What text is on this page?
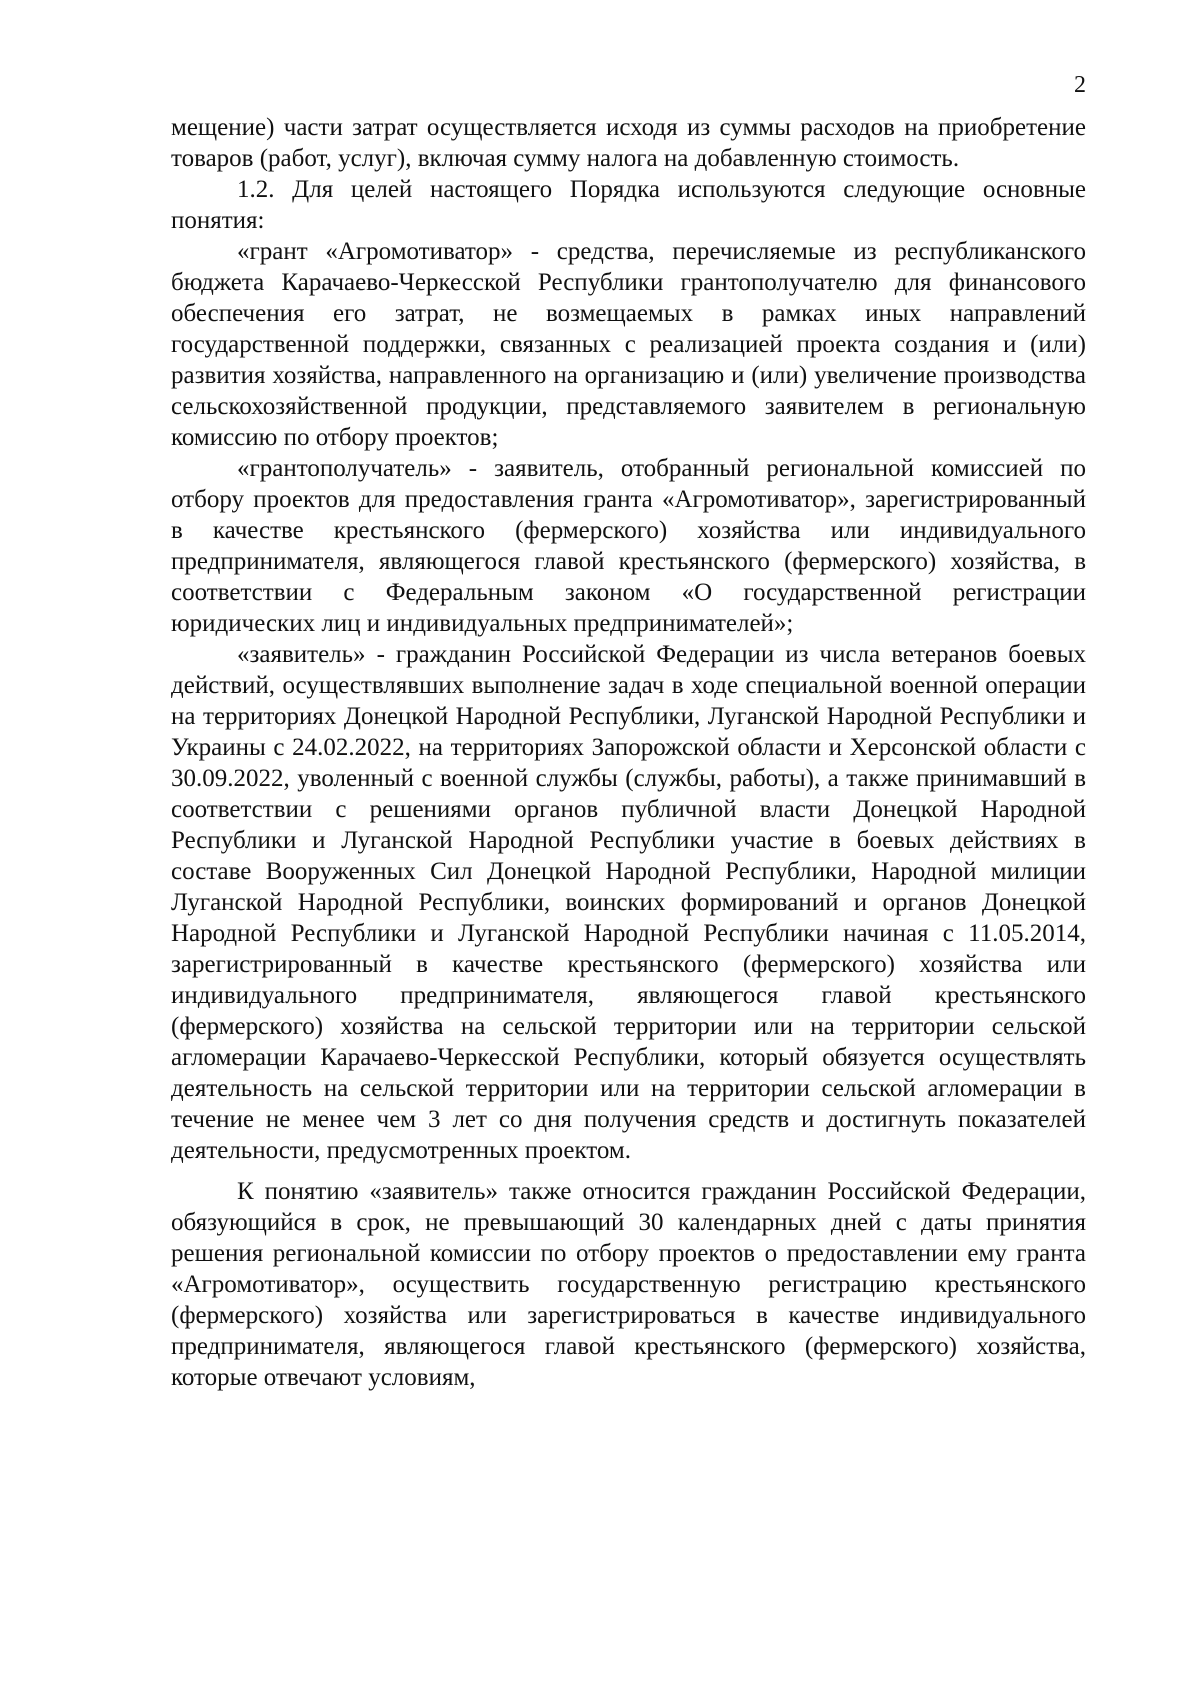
2

мещение) части затрат осуществляется исходя из суммы расходов на приобретение товаров (работ, услуг), включая сумму налога на добавленную стоимость.

1.2. Для целей настоящего Порядка используются следующие основные понятия:

«грант «Агромотиватор» - средства, перечисляемые из республиканского бюджета Карачаево-Черкесской Республики грантополучателю для финансового обеспечения его затрат, не возмещаемых в рамках иных направлений государственной поддержки, связанных с реализацией проекта создания и (или) развития хозяйства, направленного на организацию и (или) увеличение производства сельскохозяйственной продукции, представляемого заявителем в региональную комиссию по отбору проектов;

«грантополучатель» - заявитель, отобранный региональной комиссией по отбору проектов для предоставления гранта «Агромотиватор», зарегистрированный в качестве крестьянского (фермерского) хозяйства или индивидуального предпринимателя, являющегося главой крестьянского (фермерского) хозяйства, в соответствии с Федеральным законом «О государственной регистрации юридических лиц и индивидуальных предпринимателей»;

«заявитель» - гражданин Российской Федерации из числа ветеранов боевых действий, осуществлявших выполнение задач в ходе специальной военной операции на территориях Донецкой Народной Республики, Луганской Народной Республики и Украины с 24.02.2022, на территориях Запорожской области и Херсонской области с 30.09.2022, уволенный с военной службы (службы, работы), а также принимавший в соответствии с решениями органов публичной власти Донецкой Народной Республики и Луганской Народной Республики участие в боевых действиях в составе Вооруженных Сил Донецкой Народной Республики, Народной милиции Луганской Народной Республики, воинских формирований и органов Донецкой Народной Республики и Луганской Народной Республики начиная с 11.05.2014, зарегистрированный в качестве крестьянского (фермерского) хозяйства или индивидуального предпринимателя, являющегося главой крестьянского (фермерского) хозяйства на сельской территории или на территории сельской агломерации Карачаево-Черкесской Республики, который обязуется осуществлять деятельность на сельской территории или на территории сельской агломерации в течение не менее чем 3 лет со дня получения средств и достигнуть показателей деятельности, предусмотренных проектом.

К понятию «заявитель» также относится гражданин Российской Федерации, обязующийся в срок, не превышающий 30 календарных дней с даты принятия решения региональной комиссии по отбору проектов о предоставлении ему гранта «Агромотиватор», осуществить государственную регистрацию крестьянского (фермерского) хозяйства или зарегистрироваться в качестве индивидуального предпринимателя, являющегося главой крестьянского (фермерского) хозяйства, которые отвечают условиям,
